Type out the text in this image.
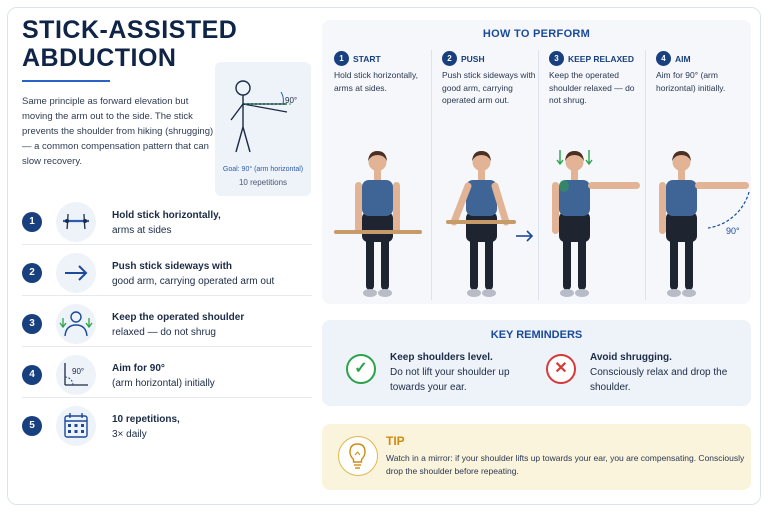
STICK-ASSISTED
ABDUCTION
Same principle as forward elevation but moving the arm out to the side. The stick prevents the shoulder from hiking (shrugging) — a common compensation pattern that can slow recovery.
90°
Goal: 90° (arm horizontal)
10 repetitions
1
Hold stick horizontally,
arms at sides
2
Push stick sideways with
good arm, carrying operated arm out
3
Keep the operated shoulder
relaxed — do not shrug
4	90°	Aim for 90°
(arm horizontal) initially
5
10 repetitions,
3× daily
HOW TO PERFORM
1 START
Hold stick horizontally, arms at sides.
2 PUSH
Push stick sideways with good arm, carrying operated arm out.
3 KEEP RELAXED
Keep the operated shoulder relaxed — do not shrug.
4 AIM
Aim for 90° (arm horizontal) initially.
90°
KEY REMINDERS
✓
Keep shoulders level.
Do not lift your shoulder up towards your ear.
✕
Avoid shrugging.
Consciously relax and drop the shoulder.
TIP
Watch in a mirror: if your shoulder lifts up towards your ear, you are compensating. Consciously drop the shoulder before repeating.
